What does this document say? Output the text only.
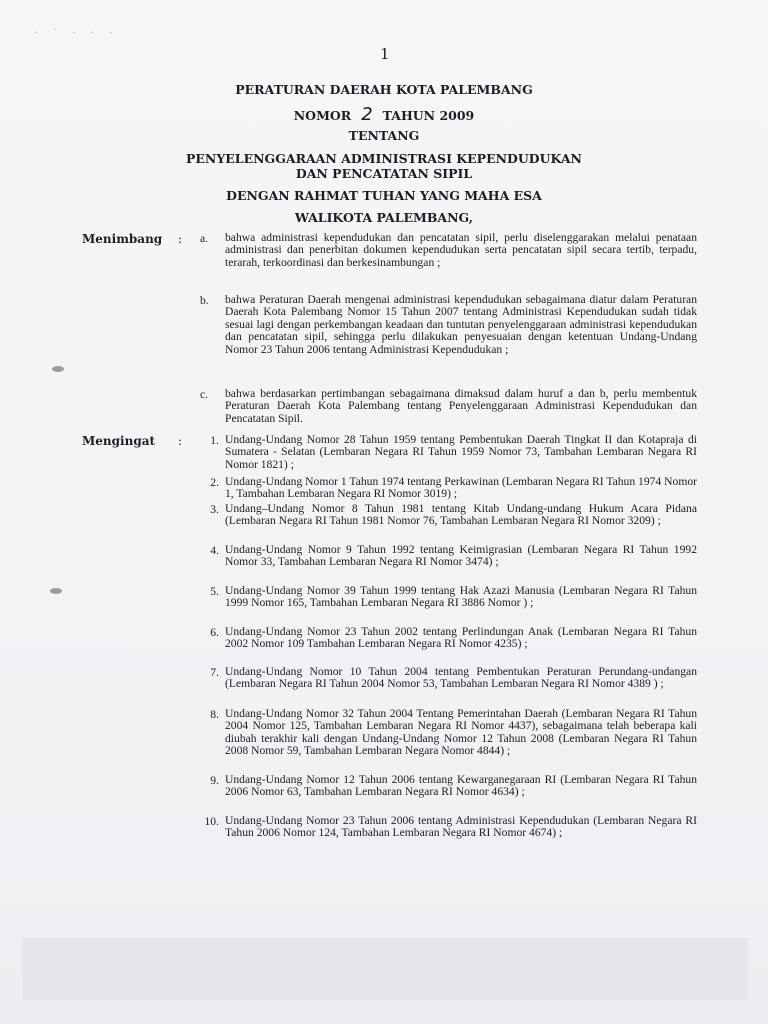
· ˙ · · ·
1
PERATURAN DAERAH KOTA PALEMBANG
NOMOR 2 TAHUN 2009
TENTANG
PENYELENGGARAAN ADMINISTRASI KEPENDUDUKAN
DAN PENCATATAN SIPIL
DENGAN RAHMAT TUHAN YANG MAHA ESA
WALIKOTA PALEMBANG,
Menimbang : a. bahwa administrasi kependudukan dan pencatatan sipil, perlu diselenggarakan melalui penataan administrasi dan penerbitan dokumen kependudukan serta pencatatan sipil secara tertib, terpadu, terarah, terkoordinasi dan berkesinambungan ;
b. bahwa Peraturan Daerah mengenai administrasi kependudukan sebagaimana diatur dalam Peraturan Daerah Kota Palembang Nomor 15 Tahun 2007 tentang Administrasi Kependudukan sudah tidak sesuai lagi dengan perkembangan keadaan dan tuntutan penyelenggaraan administrasi kependudukan dan pencatatan sipil, sehingga perlu dilakukan penyesuaian dengan ketentuan Undang-Undang Nomor 23 Tahun 2006 tentang Administrasi Kependudukan ;
c. bahwa berdasarkan pertimbangan sebagaimana dimaksud dalam huruf a dan b, perlu membentuk Peraturan Daerah Kota Palembang tentang Penyelenggaraan Administrasi Kependudukan dan Pencatatan Sipil.
Mengingat :	1. Undang-Undang Nomor 28 Tahun 1959 tentang Pembentukan Daerah Tingkat II dan Kotapraja di Sumatera - Selatan (Lembaran Negara RI Tahun 1959 Nomor 73, Tambahan Lembaran Negara RI Nomor 1821) ;
2. Undang-Undang Nomor 1 Tahun 1974 tentang Perkawinan (Lembaran Negara RI Tahun 1974 Nomor 1, Tambahan Lembaran Negara RI Nomor 3019) ;
3. Undang–Undang Nomor 8 Tahun 1981 tentang Kitab Undang-undang Hukum Acara Pidana (Lembaran Negara RI Tahun 1981 Nomor 76, Tambahan Lembaran Negara RI Nomor 3209) ;
4. Undang-Undang Nomor 9 Tahun 1992 tentang Keimigrasian (Lembaran Negara RI Tahun 1992 Nomor 33, Tambahan Lembaran Negara RI Nomor 3474) ;
5. Undang-Undang Nomor 39 Tahun 1999 tentang Hak Azazi Manusia (Lembaran Negara RI Tahun 1999 Nomor 165, Tambahan Lembaran Negara RI 3886 Nomor ) ;
6. Undang-Undang Nomor 23 Tahun 2002 tentang Perlindungan Anak (Lembaran Negara RI Tahun 2002 Nomor 109 Tambahan Lembaran Negara RI Nomor 4235) ;
7. Undang-Undang Nomor 10 Tahun 2004 tentang Pembentukan Peraturan Perundang-undangan (Lembaran Negara RI Tahun 2004 Nomor 53, Tambahan Lembaran Negara RI Nomor 4389 ) ;
8. Undang-Undang Nomor 32 Tahun 2004 Tentang Pemerintahan Daerah (Lembaran Negara RI Tahun 2004 Nomor 125, Tambahan Lembaran Negara RI Nomor 4437), sebagaimana telah beberapa kali diubah terakhir kali dengan Undang-Undang Nomor 12 Tahun 2008 (Lembaran Negara RI Tahun 2008 Nomor 59, Tambahan Lembaran Negara Nomor 4844) ;
9. Undang-Undang Nomor 12 Tahun 2006 tentang Kewarganegaraan RI (Lembaran Negara RI Tahun 2006 Nomor 63, Tambahan Lembaran Negara RI Nomor 4634) ;
10. Undang-Undang Nomor 23 Tahun 2006 tentang Administrasi Kependudukan (Lembaran Negara RI Tahun 2006 Nomor 124, Tambahan Lembaran Negara RI Nomor 4674) ;
